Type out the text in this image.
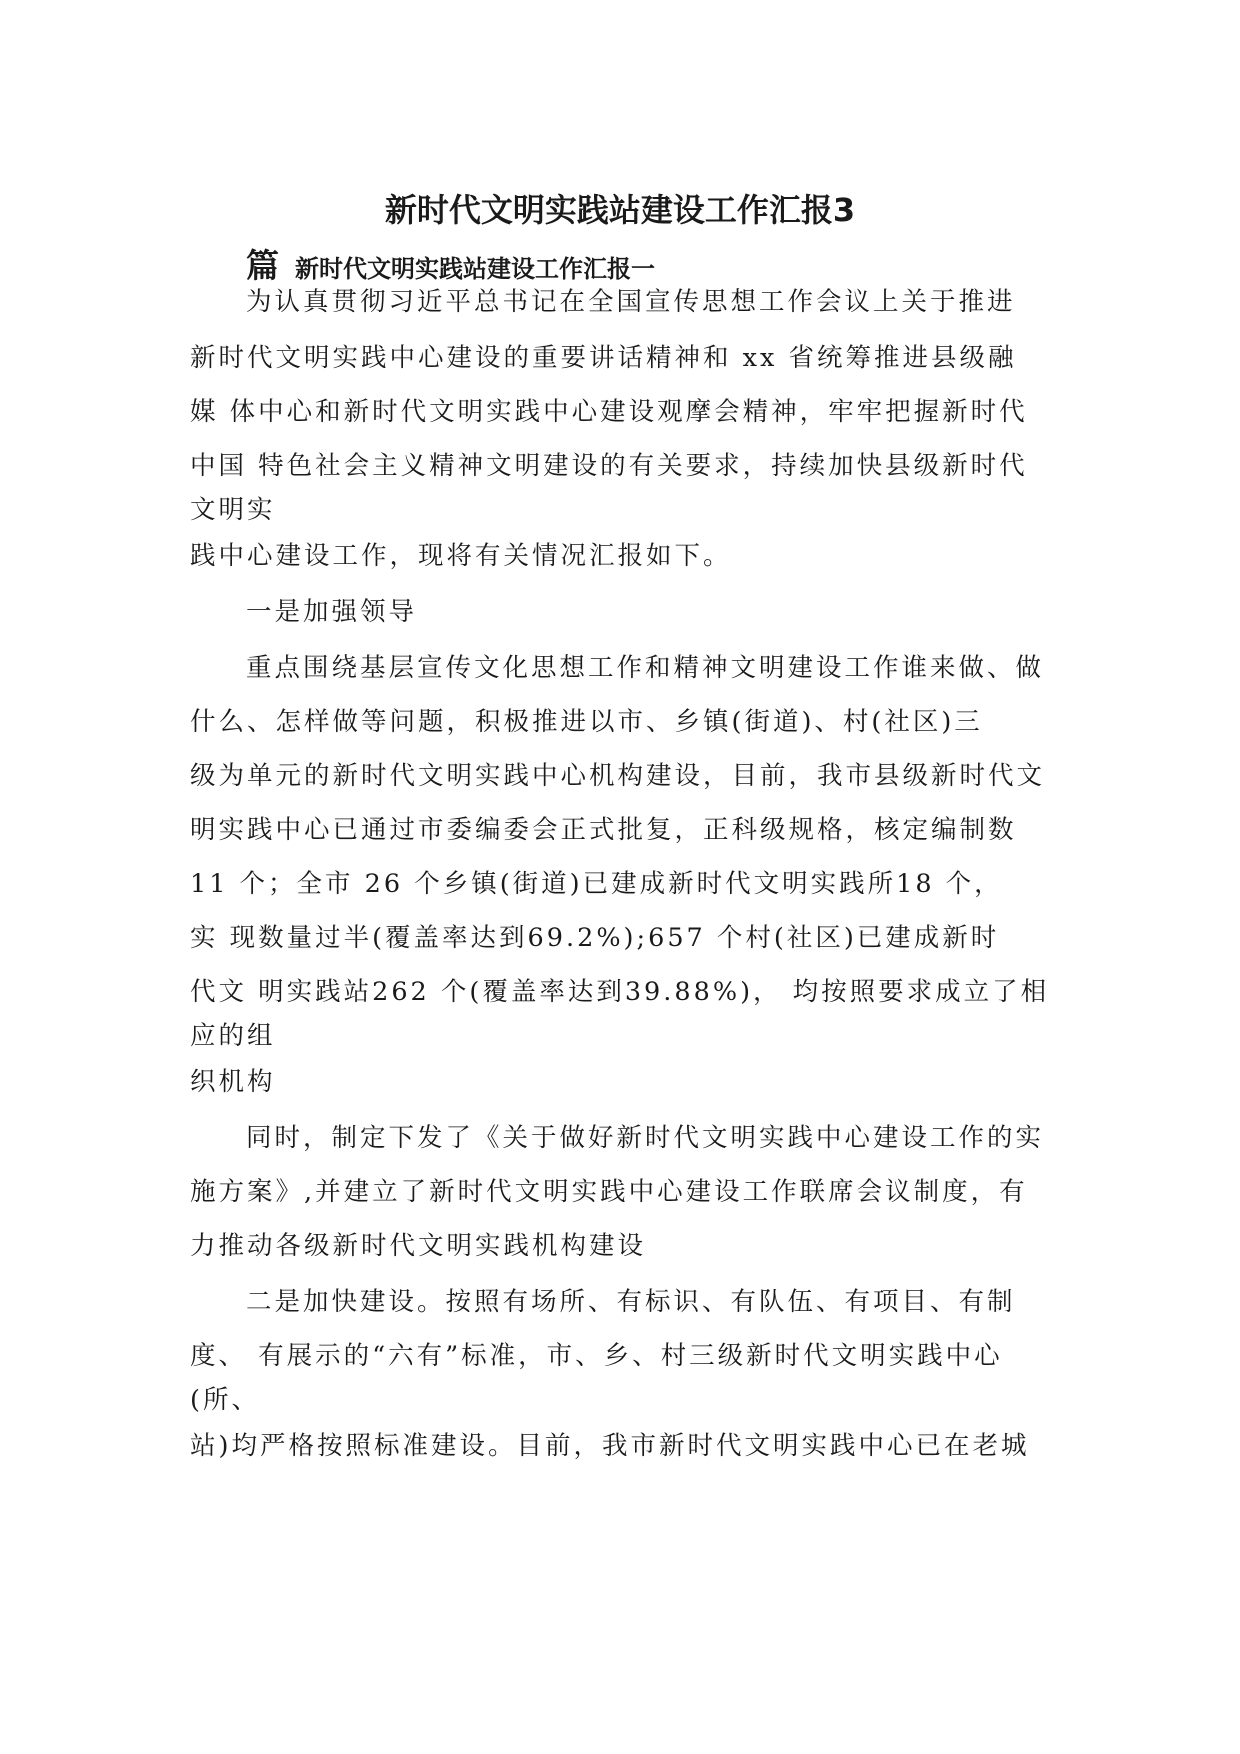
新时代文明实践站建设工作汇报3
篇 新时代文明实践站建设工作汇报一
为认真贯彻习近平总书记在全国宣传思想工作会议上关于推进
新时代文明实践中心建设的重要讲话精神和 xx 省统筹推进县级融
媒 体中心和新时代文明实践中心建设观摩会精神，牢牢把握新时代
中国 特色社会主义精神文明建设的有关要求，持续加快县级新时代
文明实
践中心建设工作，现将有关情况汇报如下。
一是加强领导
重点围绕基层宣传文化思想工作和精神文明建设工作谁来做、做
什么、怎样做等问题，积极推进以市、乡镇(街道)、村(社区)三
级为单元的新时代文明实践中心机构建设，目前，我市县级新时代文
明实践中心已通过市委编委会正式批复，正科级规格，核定编制数
11 个；全市 26 个乡镇(街道)已建成新时代文明实践所18 个，
实 现数量过半(覆盖率达到69.2%);657 个村(社区)已建成新时
代文 明实践站262 个(覆盖率达到39.88%)， 均按照要求成立了相
应的组
织机构
同时，制定下发了《关于做好新时代文明实践中心建设工作的实
施方案》,并建立了新时代文明实践中心建设工作联席会议制度，有
力推动各级新时代文明实践机构建设
二是加快建设。按照有场所、有标识、有队伍、有项目、有制
度、 有展示的“六有”标准，市、乡、村三级新时代文明实践中心
(所、
站)均严格按照标准建设。目前，我市新时代文明实践中心已在老城
